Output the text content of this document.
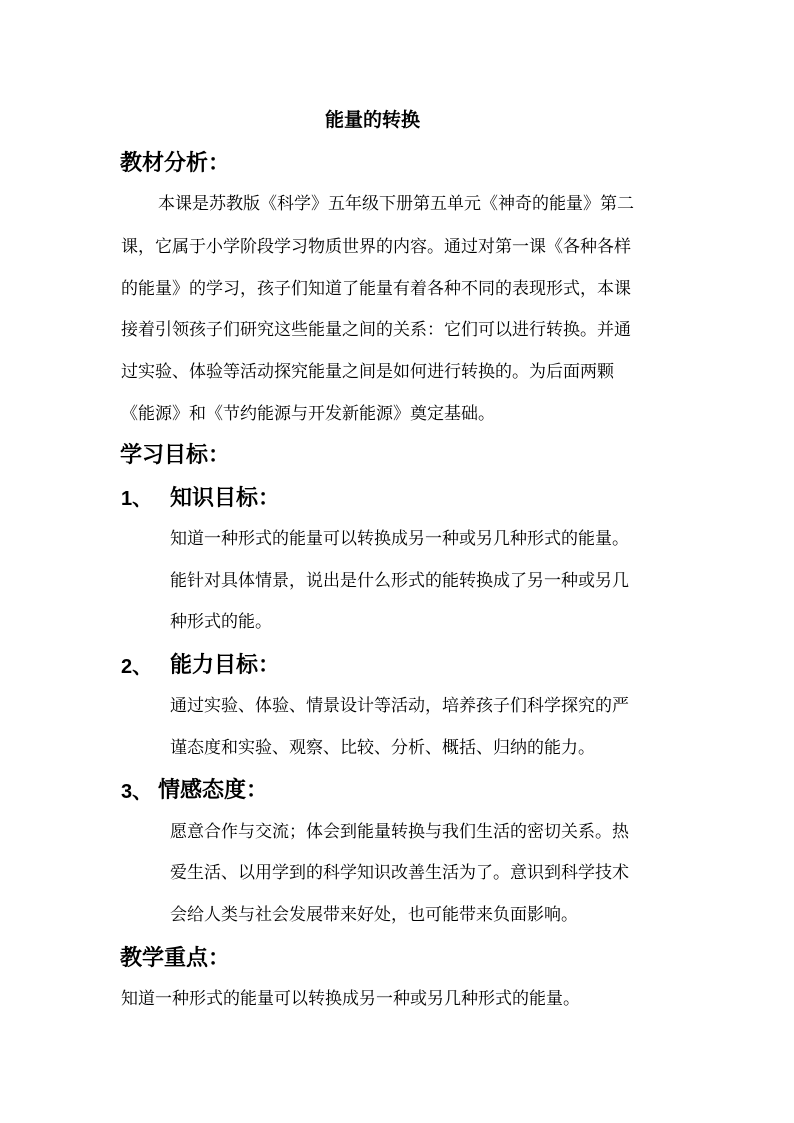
能量的转换
教材分析：
本课是苏教版《科学》五年级下册第五单元《神奇的能量》第二
课，它属于小学阶段学习物质世界的内容。通过对第一课《各种各样
的能量》的学习，孩子们知道了能量有着各种不同的表现形式，本课
接着引领孩子们研究这些能量之间的关系：它们可以进行转换。并通
过实验、体验等活动探究能量之间是如何进行转换的。为后面两颗
《能源》和《节约能源与开发新能源》奠定基础。
学习目标：
1、 知识目标：
知道一种形式的能量可以转换成另一种或另几种形式的能量。
能针对具体情景，说出是什么形式的能转换成了另一种或另几
种形式的能。
2、 能力目标：
通过实验、体验、情景设计等活动，培养孩子们科学探究的严
谨态度和实验、观察、比较、分析、概括、归纳的能力。
3、 情感态度：
愿意合作与交流；体会到能量转换与我们生活的密切关系。热
爱生活、以用学到的科学知识改善生活为了。意识到科学技术
会给人类与社会发展带来好处，也可能带来负面影响。
教学重点：
知道一种形式的能量可以转换成另一种或另几种形式的能量。
